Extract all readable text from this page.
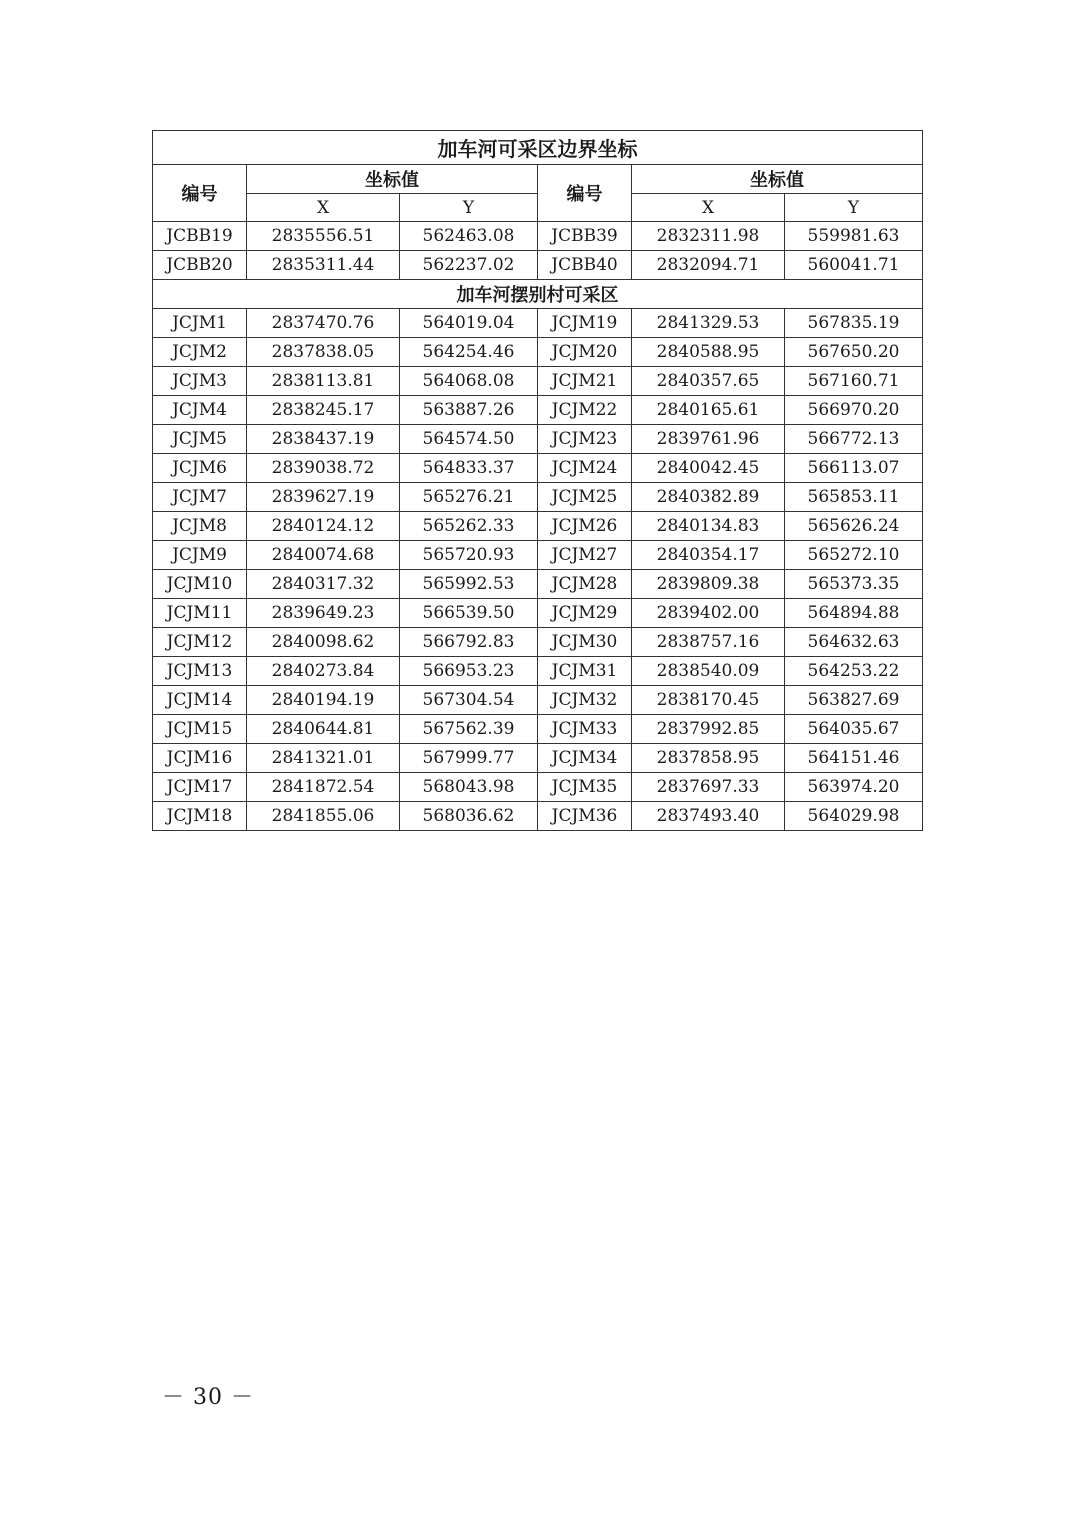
加车河可采区边界坐标					
编号	坐标值		编号	坐标值	
	X	Y		X	Y
JCBB19	2835556.51	562463.08	JCBB39	2832311.98	559981.63
JCBB20	2835311.44	562237.02	JCBB40	2832094.71	560041.71
加车河摆别村可采区					
JCJM1	2837470.76	564019.04	JCJM19	2841329.53	567835.19
JCJM2	2837838.05	564254.46	JCJM20	2840588.95	567650.20
JCJM3	2838113.81	564068.08	JCJM21	2840357.65	567160.71
JCJM4	2838245.17	563887.26	JCJM22	2840165.61	566970.20
JCJM5	2838437.19	564574.50	JCJM23	2839761.96	566772.13
JCJM6	2839038.72	564833.37	JCJM24	2840042.45	566113.07
JCJM7	2839627.19	565276.21	JCJM25	2840382.89	565853.11
JCJM8	2840124.12	565262.33	JCJM26	2840134.83	565626.24
JCJM9	2840074.68	565720.93	JCJM27	2840354.17	565272.10
JCJM10	2840317.32	565992.53	JCJM28	2839809.38	565373.35
JCJM11	2839649.23	566539.50	JCJM29	2839402.00	564894.88
JCJM12	2840098.62	566792.83	JCJM30	2838757.16	564632.63
JCJM13	2840273.84	566953.23	JCJM31	2838540.09	564253.22
JCJM14	2840194.19	567304.54	JCJM32	2838170.45	563827.69
JCJM15	2840644.81	567562.39	JCJM33	2837992.85	564035.67
JCJM16	2841321.01	567999.77	JCJM34	2837858.95	564151.46
JCJM17	2841872.54	568043.98	JCJM35	2837697.33	563974.20
JCJM18	2841855.06	568036.62	JCJM36	2837493.40	564029.98
－ 30 －
